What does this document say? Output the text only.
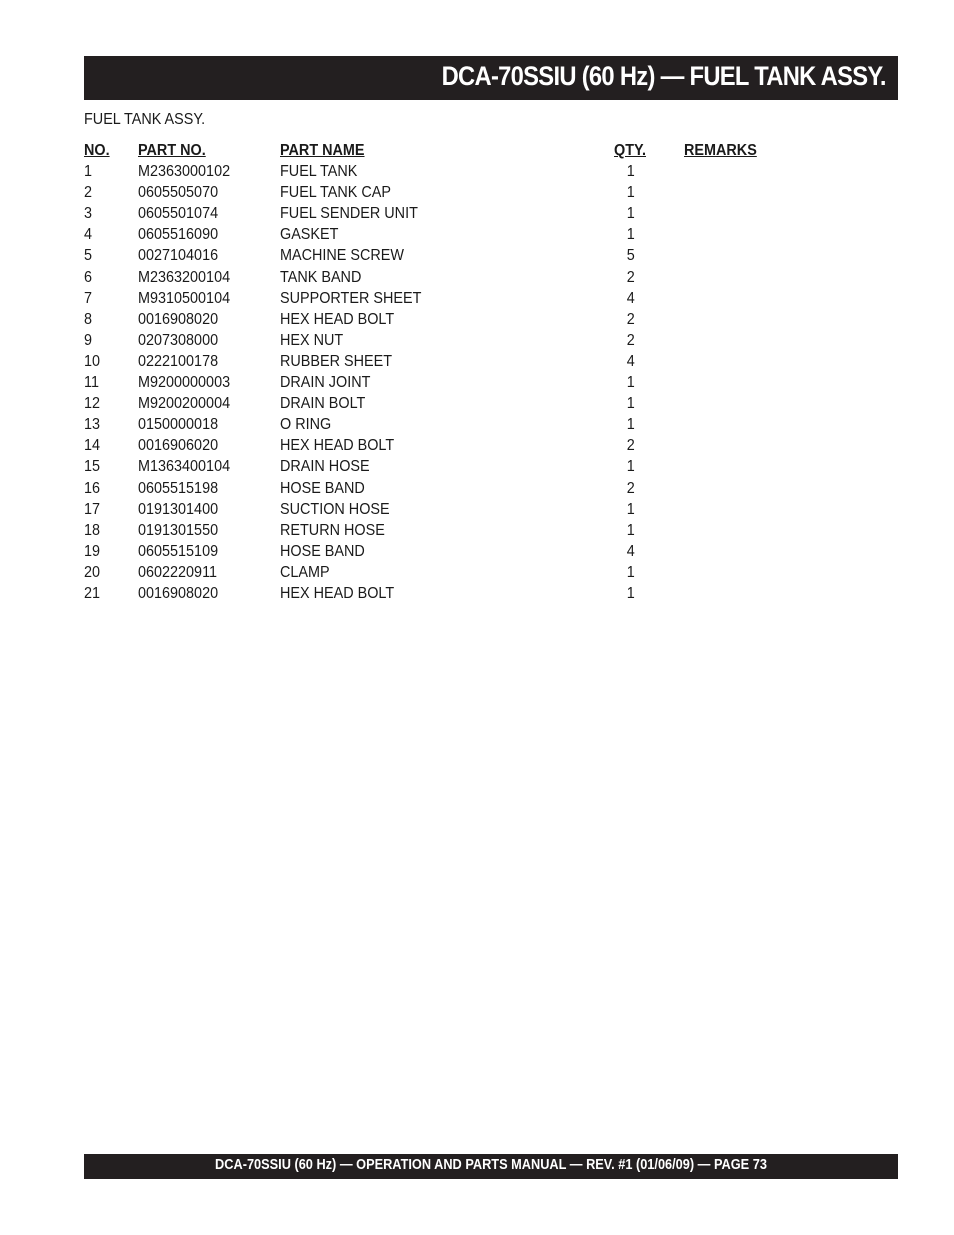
DCA-70SSIU (60 Hz) — FUEL TANK ASSY.
FUEL TANK ASSY.
NO. PART NO.	PART NAME	QTY. REMARKS
1	M2363000102	FUEL TANK	1
2	0605505070	FUEL TANK CAP	1
3	0605501074	FUEL SENDER UNIT	1
4	0605516090	GASKET	1
5	0027104016	MACHINE SCREW	5
6	M2363200104	TANK BAND	2
7	M9310500104	SUPPORTER SHEET	4
8	0016908020	HEX HEAD BOLT	2
9	0207308000	HEX NUT	2
10 0222100178	RUBBER SHEET	4
11 M9200000003	DRAIN JOINT	1
12 M9200200004	DRAIN BOLT	1
13 0150000018	O RING	1
14 0016906020	HEX HEAD BOLT	2
15 M1363400104	DRAIN HOSE	1
16 0605515198	HOSE BAND	2
17 0191301400	SUCTION HOSE	1
18 0191301550	RETURN HOSE	1
19 0605515109	HOSE BAND	4
20 0602220911	CLAMP	1
21 0016908020	HEX HEAD BOLT	1
DCA-70SSIU (60 Hz) — OPERATION AND PARTS MANUAL — REV. #1 (01/06/09) — PAGE 73
